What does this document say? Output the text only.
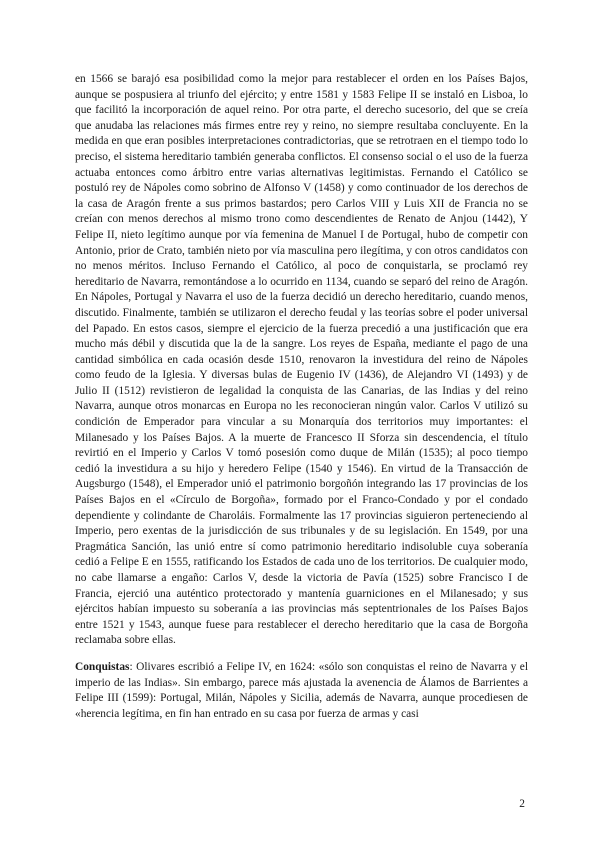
en 1566 se barajó esa posibilidad como la mejor para restablecer el orden en los Países Bajos, aunque se pospusiera al triunfo del ejército; y entre 1581 y 1583 Felipe II se instaló en Lisboa, lo que facilitó la incorporación de aquel reino. Por otra parte, el derecho sucesorio, del que se creía que anudaba las relaciones más firmes entre rey y reino, no siempre resultaba concluyente. En la medida en que eran posibles interpretaciones contradictorias, que se retrotraen en el tiempo todo lo preciso, el sistema hereditario también generaba conflictos. El consenso social o el uso de la fuerza actuaba entonces como árbitro entre varias alternativas legitimistas. Fernando el Católico se postuló rey de Nápoles como sobrino de Alfonso V (1458) y como continuador de los derechos de la casa de Aragón frente a sus primos bastardos; pero Carlos VIII y Luis XII de Francia no se creían con menos derechos al mismo trono como descendientes de Renato de Anjou (1442), Y Felipe II, nieto legítimo aunque por vía femenina de Manuel I de Portugal, hubo de competir con Antonio, prior de Crato, también nieto por vía masculina pero ilegítima, y con otros candidatos con no menos méritos. Incluso Fernando el Católico, al poco de conquistarla, se proclamó rey hereditario de Navarra, remontándose a lo ocurrido en 1134, cuando se separó del reino de Aragón. En Nápoles, Portugal y Navarra el uso de la fuerza decidió un derecho hereditario, cuando menos, discutido. Finalmente, también se utilizaron el derecho feudal y las teorías sobre el poder universal del Papado. En estos casos, siempre el ejercicio de la fuerza precedió a una justificación que era mucho más débil y discutida que la de la sangre. Los reyes de España, mediante el pago de una cantidad simbólica en cada ocasión desde 1510, renovaron la investidura del reino de Nápoles como feudo de la Iglesia. Y diversas bulas de Eugenio IV (1436), de Alejandro VI (1493) y de Julio II (1512) revistieron de legalidad la conquista de las Canarias, de las Indias y del reino Navarra, aunque otros monarcas en Europa no les reconocieran ningún valor. Carlos V utilizó su condición de Emperador para vincular a su Monarquía dos territorios muy importantes: el Milanesado y los Países Bajos. A la muerte de Francesco II Sforza sin descendencia, el título revirtió en el Imperio y Carlos V tomó posesión como duque de Milán (1535); al poco tiempo cedió la investidura a su hijo y heredero Felipe (1540 y 1546). En virtud de la Transacción de Augsburgo (1548), el Emperador unió el patrimonio borgoñón integrando las 17 provincias de los Países Bajos en el «Círculo de Borgoña», formado por el Franco-Condado y por el condado dependiente y colindante de Charoláis. Formalmente las 17 provincias siguieron perteneciendo al Imperio, pero exentas de la jurisdicción de sus tribunales y de su legislación. En 1549, por una Pragmática Sanción, las unió entre sí como patrimonio hereditario indisoluble cuya soberanía cedió a Felipe E en 1555, ratificando los Estados de cada uno de los territorios. De cualquier modo, no cabe llamarse a engaño: Carlos V, desde la victoria de Pavía (1525) sobre Francisco I de Francia, ejerció una auténtico protectorado y mantenía guarniciones en el Milanesado; y sus ejércitos habían impuesto su soberanía a ias provincias más septentrionales de los Países Bajos entre 1521 y 1543, aunque fuese para restablecer el derecho hereditario que la casa de Borgoña reclamaba sobre ellas.

Conquistas: Olivares escribió a Felipe IV, en 1624: «sólo son conquistas el reino de Navarra y el imperio de las Indias». Sin embargo, parece más ajustada la avenencia de Álamos de Barrientes a Felipe III (1599): Portugal, Milán, Nápoles y Sicilia, además de Navarra, aunque procediesen de «herencia legítima, en fin han entrado en su casa por fuerza de armas y casi

2
